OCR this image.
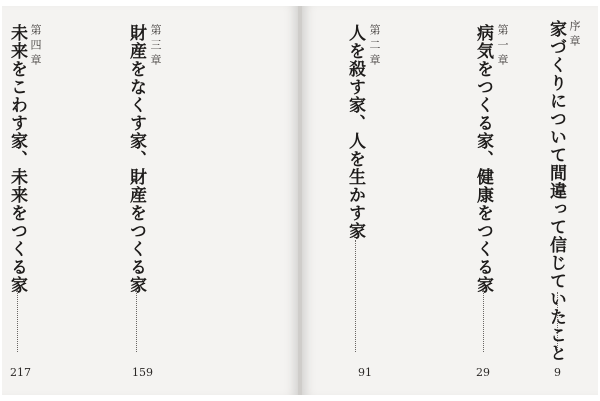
序章
家づくりについて間違って信じていたこと
9
第一章
病気をつくる家、健康をつくる家
29
第二章
人を殺す家、人を生かす家
91
第三章
財産をなくす家、財産をつくる家
159
第四章
未来をこわす家、未来をつくる家
217
